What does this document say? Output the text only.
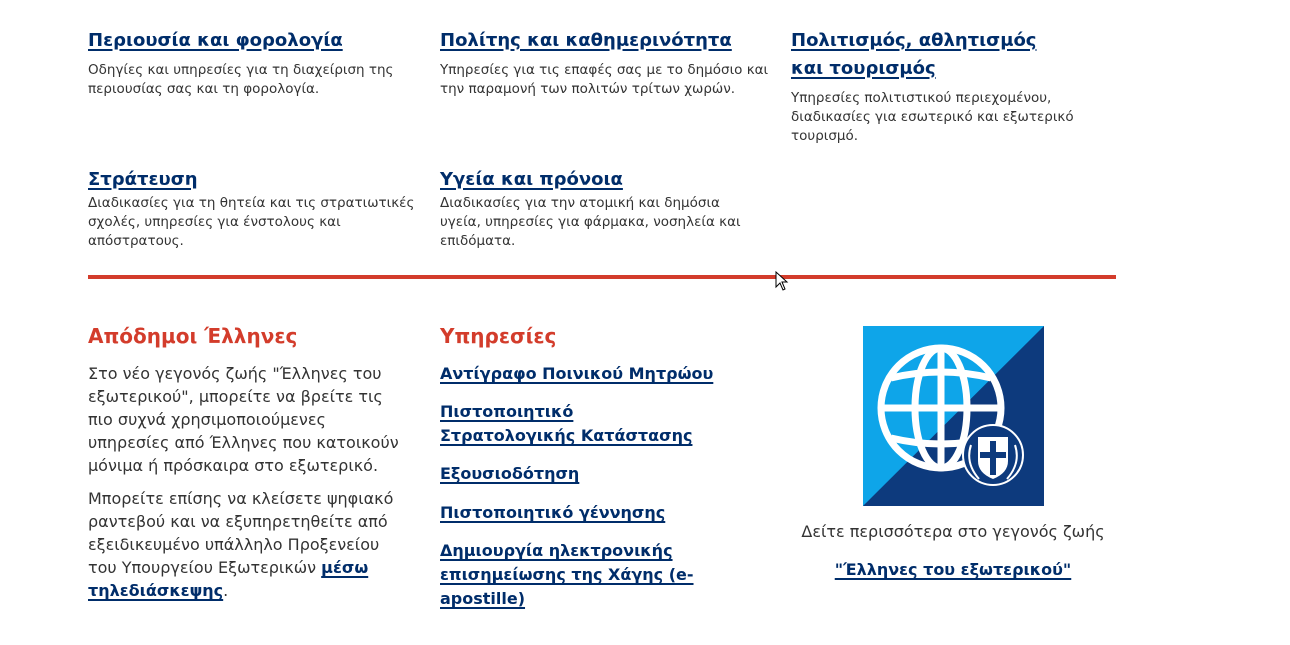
Περιουσία και φορολογία
Οδηγίες και υπηρεσίες για τη διαχείριση της περιουσίας σας και τη φορολογία.
Πολίτης και καθημερινότητα
Υπηρεσίες για τις επαφές σας με το δημόσιο και την παραμονή των πολιτών τρίτων χωρών.
Πολιτισμός, αθλητισμός και τουρισμός
Υπηρεσίες πολιτιστικού περιεχομένου, διαδικασίες για εσωτερικό και εξωτερικό τουρισμό.
Στράτευση
Διαδικασίες για τη θητεία και τις στρατιωτικές σχολές, υπηρεσίες για ένστολους και απόστρατους.
Υγεία και πρόνοια
Διαδικασίες για την ατομική και δημόσια υγεία, υπηρεσίες για φάρμακα, νοσηλεία και επιδόματα.
Απόδημοι Έλληνες
Στο νέο γεγονός ζωής "Έλληνες του εξωτερικού", μπορείτε να βρείτε τις πιο συχνά χρησιμοποιούμενες υπηρεσίες από Έλληνες που κατοικούν μόνιμα ή πρόσκαιρα στο εξωτερικό.
Μπορείτε επίσης να κλείσετε ψηφιακό ραντεβού και να εξυπηρετηθείτε από εξειδικευμένο υπάλληλο Προξενείου του Υπουργείου Εξωτερικών μέσω τηλεδιάσκεψης.
Υπηρεσίες
Αντίγραφο Ποινικού Μητρώου
Πιστοποιητικό Στρατολογικής Κατάστασης
Εξουσιοδότηση
Πιστοποιητικό γέννησης
Δημιουργία ηλεκτρονικής επισημείωσης της Χάγης (e-apostille)
Δείτε περισσότερα στο γεγονός ζωής
"Έλληνες του εξωτερικού"
